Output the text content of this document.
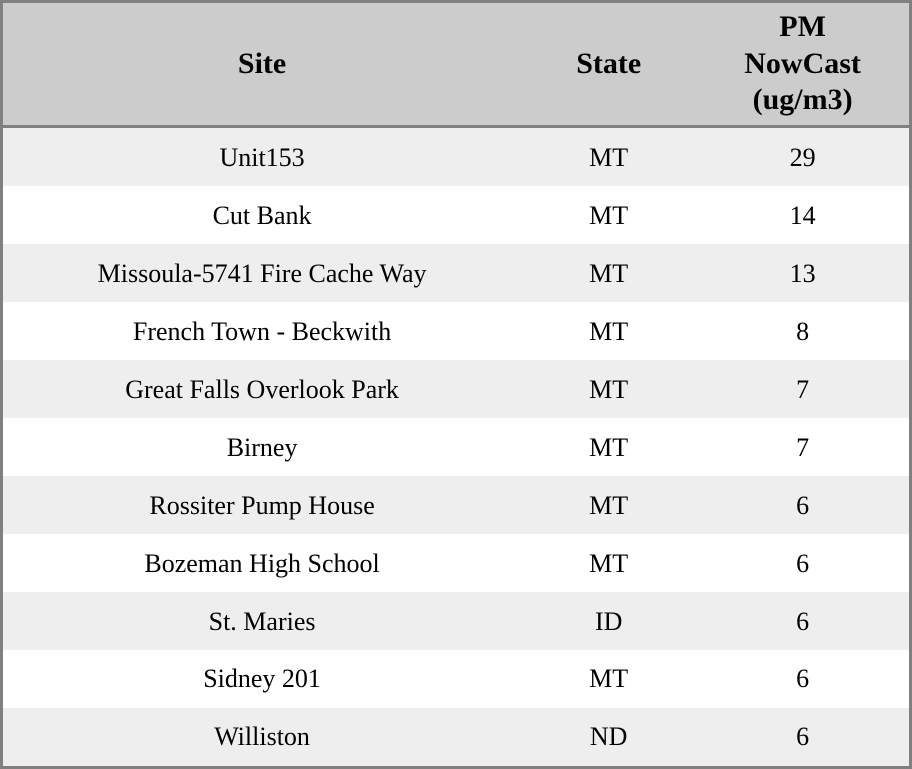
Site	State	PM
NowCast
(ug/m3)
Unit153	MT	29
Cut Bank	MT	14
Missoula-5741 Fire Cache Way	MT	13
French Town - Beckwith	MT	8
Great Falls Overlook Park	MT	7
Birney	MT	7
Rossiter Pump House	MT	6
Bozeman High School	MT	6
St. Maries	ID	6
Sidney 201	MT	6
Williston	ND	6
